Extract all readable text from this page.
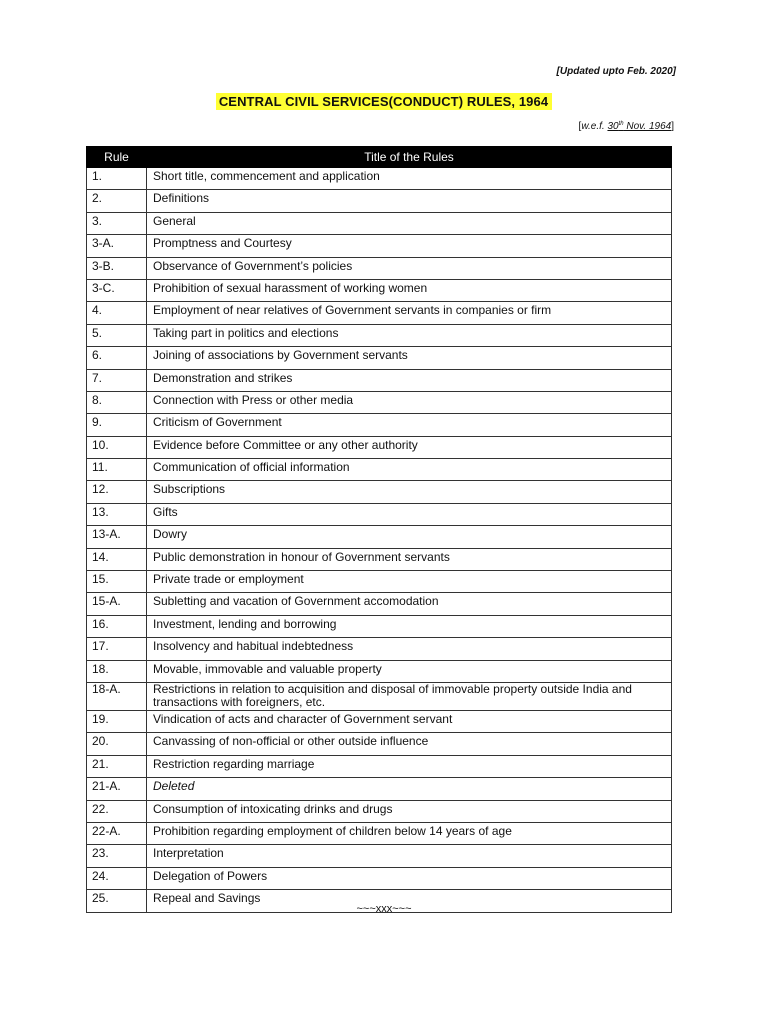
[Updated upto Feb. 2020]
CENTRAL CIVIL SERVICES(CONDUCT) RULES, 1964
[w.e.f. 30th Nov. 1964]
Rule	Title of the Rules
1.	Short title, commencement and application
2.	Definitions
3.	General
3-A.	Promptness and Courtesy
3-B.	Observance of Government’s policies
3-C.	Prohibition of sexual harassment of working women
4.	Employment of near relatives of Government servants in companies or firm
5.	Taking part in politics and elections
6.	Joining of associations by Government servants
7.	Demonstration and strikes
8.	Connection with Press or other media
9.	Criticism of Government
10.	Evidence before Committee or any other authority
11.	Communication of official information
12.	Subscriptions
13.	Gifts
13-A.	Dowry
14.	Public demonstration in honour of Government servants
15.	Private trade or employment
15-A.	Subletting and vacation of Government accomodation
16.	Investment, lending and borrowing
17.	Insolvency and habitual indebtedness
18.	Movable, immovable and valuable property
18-A.	Restrictions in relation to acquisition and disposal of immovable property outside India and transactions with foreigners, etc.
19.	Vindication of acts and character of Government servant
20.	Canvassing of non-official or other outside influence
21.	Restriction regarding marriage
21-A.	Deleted
22.	Consumption of intoxicating drinks and drugs
22-A.	Prohibition regarding employment of children below 14 years of age
23.	Interpretation
24.	Delegation of Powers
25.	Repeal and Savings
~~~xxx~~~
